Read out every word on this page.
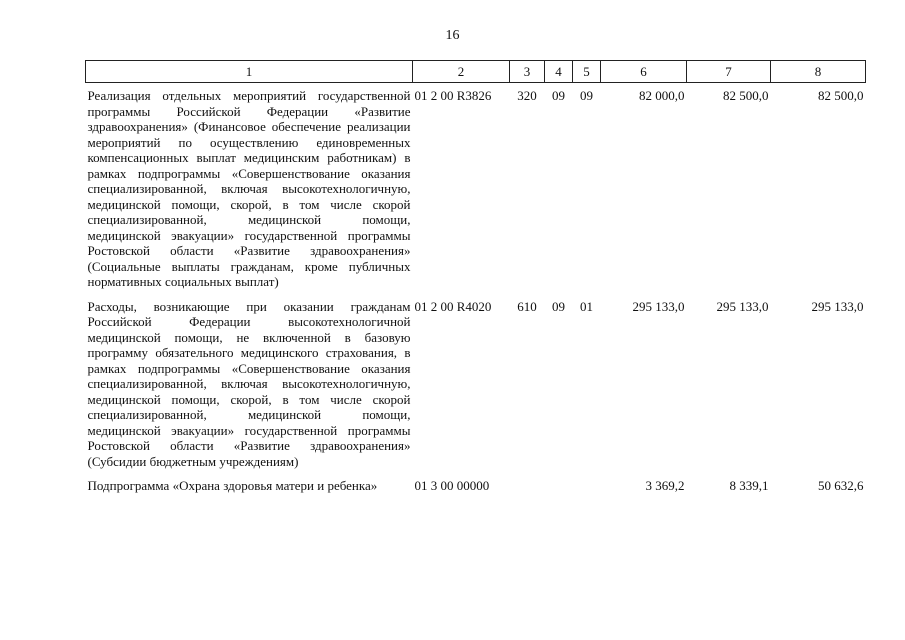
16
1	2	3	4	5	6	7	8
Реализация отдельных мероприятий государственной программы Российской Федерации «Развитие здравоохранения» (Финансовое обеспечение реализации мероприятий по осуществлению единовременных компенсационных выплат медицинским работникам) в рамках подпрограммы «Совершенствование оказания специализированной, включая высокотехнологичную, медицинской помощи, скорой, в том числе скорой специализированной, медицинской помощи, медицинской эвакуации» государственной программы Ростовской области «Развитие здравоохранения» (Социальные выплаты гражданам, кроме публичных нормативных социальных выплат)	01 2 00 R3826	320	09	09	82 000,0	82 500,0	82 500,0
Расходы, возникающие при оказании гражданам Российской Федерации высокотехнологичной медицинской помощи, не включенной в базовую программу обязательного медицинского страхования, в рамках подпрограммы «Совершенствование оказания специализированной, включая высокотехнологичную, медицинской помощи, скорой, в том числе скорой специализированной, медицинской помощи, медицинской эвакуации» государственной программы Ростовской области «Развитие здравоохранения» (Субсидии бюджетным учреждениям)	01 2 00 R4020	610	09	01	295 133,0	295 133,0	295 133,0
Подпрограмма «Охрана здоровья матери и ребенка»	01 3 00 00000				3 369,2	8 339,1	50 632,6
